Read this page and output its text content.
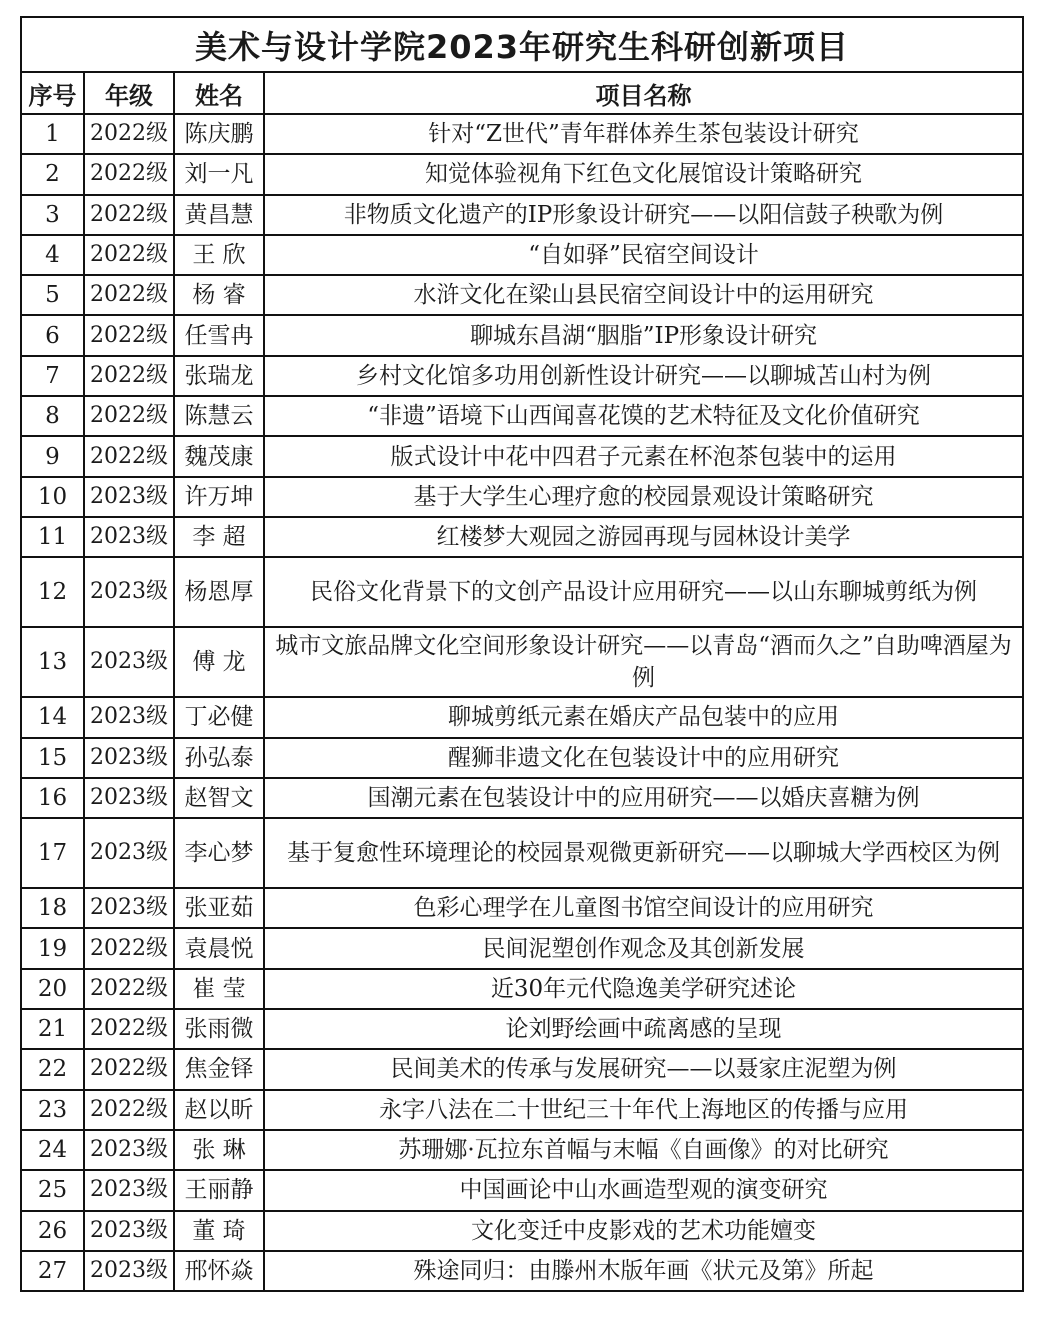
美术与设计学院2023年研究生科研创新项目			
序号	年级	姓名	项目名称
1	2022级	陈庆鹏	针对“Z世代”青年群体养生茶包装设计研究
2	2022级	刘一凡	知觉体验视角下红色文化展馆设计策略研究
3	2022级	黄昌慧	非物质文化遗产的IP形象设计研究——以阳信鼓子秧歌为例
4	2022级	王 欣	“自如驿”民宿空间设计
5	2022级	杨 睿	水浒文化在梁山县民宿空间设计中的运用研究
6	2022级	任雪冉	聊城东昌湖“胭脂”IP形象设计研究
7	2022级	张瑞龙	乡村文化馆多功用创新性设计研究——以聊城苫山村为例
8	2022级	陈慧云	“非遗”语境下山西闻喜花馍的艺术特征及文化价值研究
9	2022级	魏茂康	版式设计中花中四君子元素在杯泡茶包装中的运用
10	2023级	许万坤	基于大学生心理疗愈的校园景观设计策略研究
11	2023级	李 超	红楼梦大观园之游园再现与园林设计美学
12	2023级	杨恩厚	民俗文化背景下的文创产品设计应用研究——以山东聊城剪纸为例
13	2023级	傅 龙	城市文旅品牌文化空间形象设计研究——以青岛“酒而久之”自助啤酒屋为例
14	2023级	丁必健	聊城剪纸元素在婚庆产品包装中的应用
15	2023级	孙弘泰	醒狮非遗文化在包装设计中的应用研究
16	2023级	赵智文	国潮元素在包装设计中的应用研究——以婚庆喜糖为例
17	2023级	李心梦	基于复愈性环境理论的校园景观微更新研究——以聊城大学西校区为例
18	2023级	张亚茹	色彩心理学在儿童图书馆空间设计的应用研究
19	2022级	袁晨悦	民间泥塑创作观念及其创新发展
20	2022级	崔 莹	近30年元代隐逸美学研究述论
21	2022级	张雨微	论刘野绘画中疏离感的呈现
22	2022级	焦金铎	民间美术的传承与发展研究——以聂家庄泥塑为例
23	2022级	赵以昕	永字八法在二十世纪三十年代上海地区的传播与应用
24	2023级	张 琳	苏珊娜·瓦拉东首幅与末幅《自画像》的对比研究
25	2023级	王丽静	中国画论中山水画造型观的演变研究
26	2023级	董 琦	文化变迁中皮影戏的艺术功能嬗变
27	2023级	邢怀焱	殊途同归：由滕州木版年画《状元及第》所起
